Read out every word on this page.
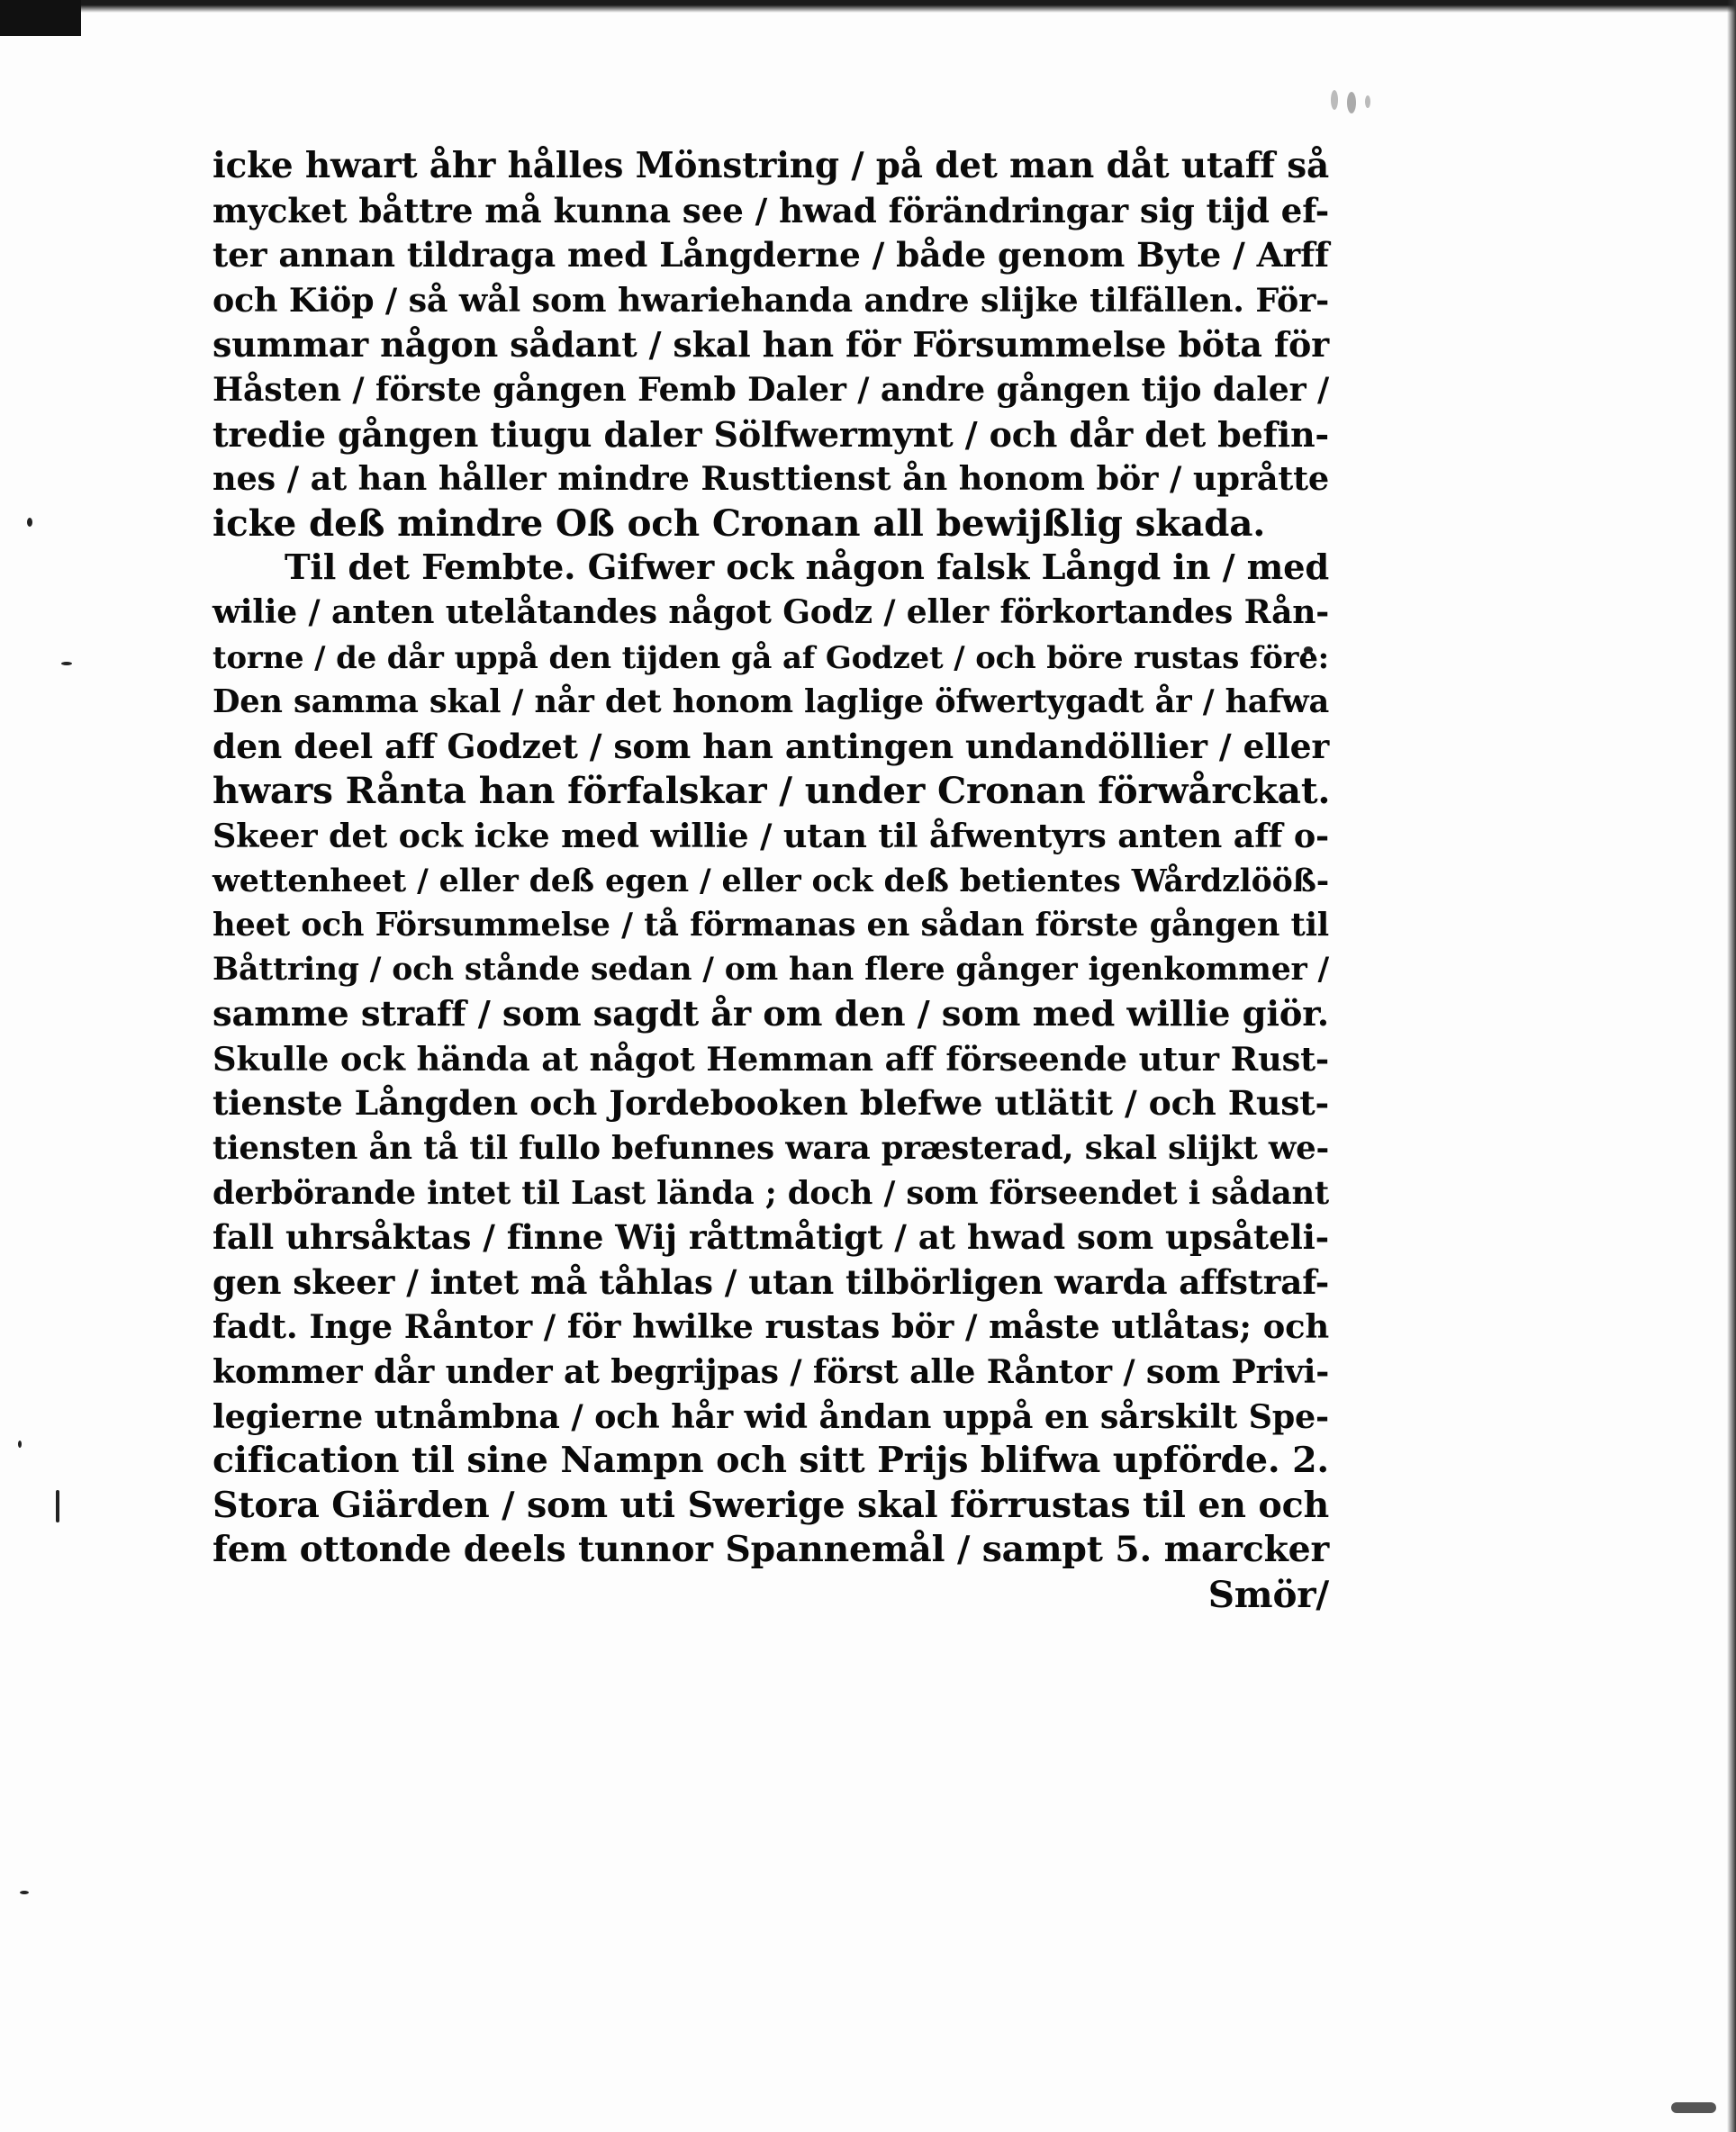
icke hwart åhr hålles Mönstring / på det man dåt utaff så
mycket båttre må kunna see / hwad förändringar sig tijd ef-
ter annan tildraga med Långderne / både genom Byte / Arff
och Kiöp / så wål som hwariehanda andre slijke tilfällen. För-
summar någon sådant / skal han för Försummelse böta för
Håsten / förste gången Femb Daler / andre gången tijo daler /
tredie gången tiugu daler Sölfwermynt / och dår det befin-
nes / at han håller mindre Rusttienst ån honom bör / upråtte
icke deß mindre Oß och Cronan all bewijßlig skada.
Til det Fembte. Gifwer ock någon falsk Långd in / med
wilie / anten utelåtandes något Godz / eller förkortandes Rån-
torne / de dår uppå den tijden gå af Godzet / och böre rustas före:
Den samma skal / når det honom laglige öfwertygadt år / hafwa
den deel aff Godzet / som han antingen undandöllier / eller
hwars Rånta han förfalskar / under Cronan förwårckat.
Skeer det ock icke med willie / utan til åfwentyrs anten aff o-
wettenheet / eller deß egen / eller ock deß betientes Wårdzlööß-
heet och Försummelse / tå förmanas en sådan förste gången til
Båttring / och stånde sedan / om han flere gånger igenkommer /
samme straff / som sagdt år om den / som med willie giör.
Skulle ock hända at något Hemman aff förseende utur Rust-
tienste Långden och Jordebooken blefwe utlätit / och Rust-
tiensten ån tå til fullo befunnes wara præsterad, skal slijkt we-
derbörande intet til Last lända ; doch / som förseendet i sådant
fall uhrsåktas / finne Wij råttmåtigt / at hwad som upsåteli-
gen skeer / intet må tåhlas / utan tilbörligen warda affstraf-
fadt. Inge Råntor / för hwilke rustas bör / måste utlåtas; och
kommer dår under at begrijpas / först alle Råntor / som Privi-
legierne utnåmbna / och hår wid åndan uppå en sårskilt Spe-
cification til sine Nampn och sitt Prijs blifwa upförde. 2.
Stora Giärden / som uti Swerige skal förrustas til en och
fem ottonde deels tunnor Spannemål / sampt 5. marcker
Smör/
